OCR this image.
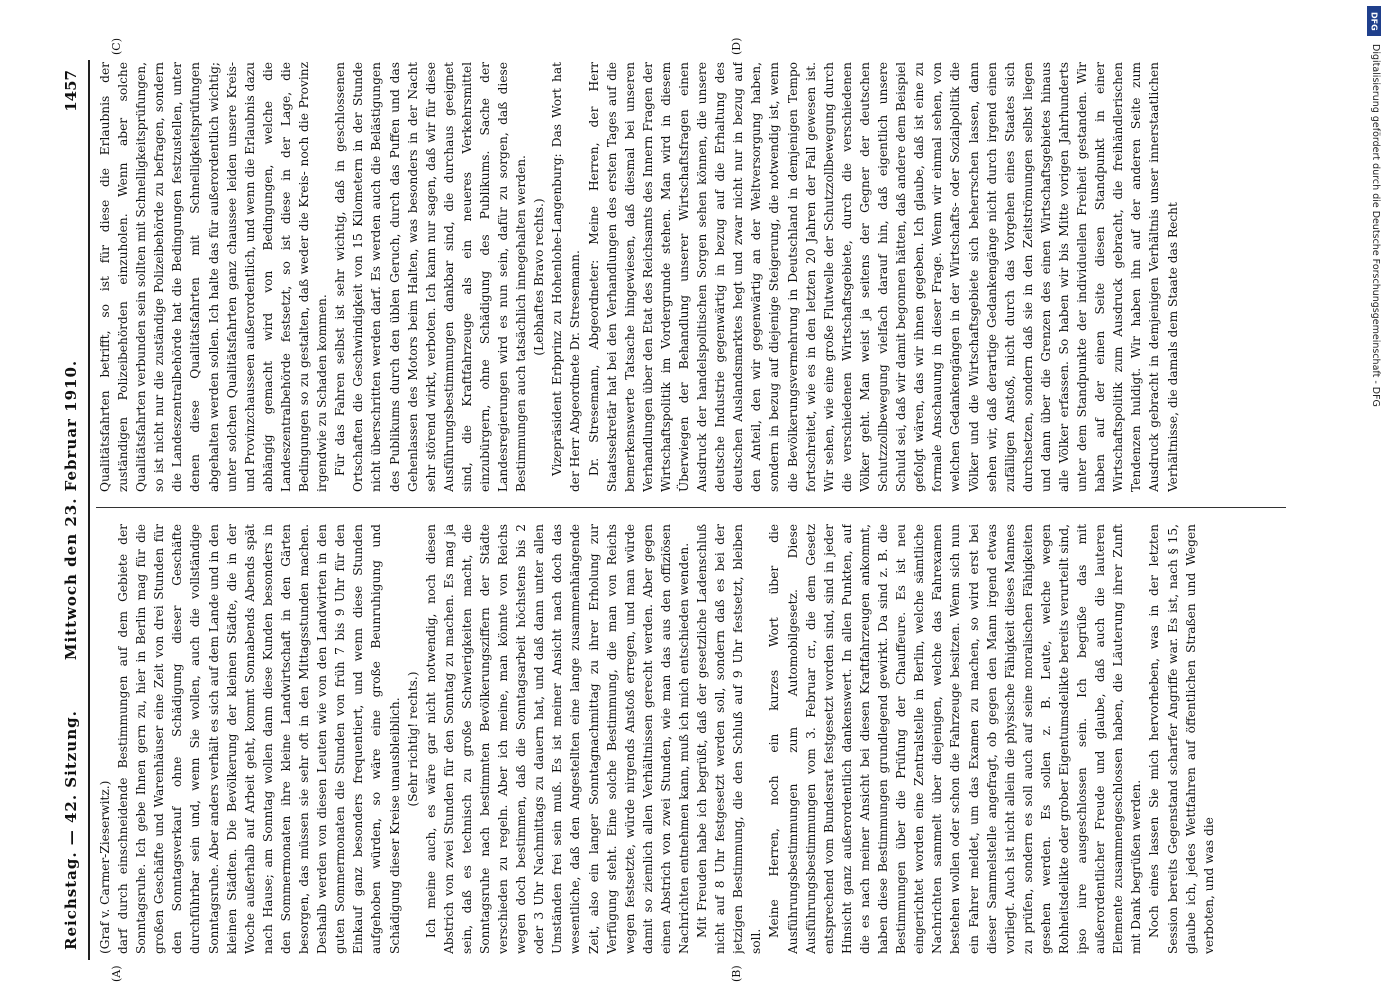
Reichstag. — 42. Sitzung.
Mittwoch den 23. Februar 1910.
1457

(Graf v. Carmer-Zieserwitz.) darf durch einschneidende Bestimmungen auf dem Gebiete der Sonntagsruhe. Ich gebe Ihnen gern zu, hier in Berlin mag für die großen Geschäfte und Warenhäuser eine Zeit von drei Stunden für den Sonntagsverkauf ohne Schädigung dieser Geschäfte durchführbar sein und, wenn Sie wollen, auch die vollständige Sonntagsruhe. Aber anders verhält es sich auf dem Lande und in den kleinen Städten. Die Bevölkerung der kleinen Städte, die in der Woche außerhalb auf Arbeit geht, kommt Sonnabends Abends spät nach Hause; am Sonntag wollen dann diese Kunden besonders in den Sommermonaten ihre kleine Landwirtschaft in den Gärten besorgen, das müssen sie sehr oft in den Mittagsstunden machen. Deshalb werden von diesen Leuten wie von den Landwirten in den guten Sommermonaten die Stunden von früh 7 bis 9 Uhr für den Einkauf ganz besonders frequentiert, und wenn diese Stunden aufgehoben würden, so wäre eine große Beunruhigung und Schädigung dieser Kreise unausbleiblich. (Sehr richtig! rechts.) Ich meine auch, es wäre gar nicht notwendig, noch diesen Abstrich von zwei Stunden für den Sonntag zu machen. Es mag ja sein, daß es technisch zu große Schwierigkeiten macht, die Sonntagsruhe nach bestimmten Bevölkerungsziffern der Städte verschieden zu regeln. Aber ich meine, man könnte von Reichs wegen doch bestimmen, daß die Sonntagsarbeit höchstens bis 2 oder 3 Uhr Nachmittags zu dauern hat, und daß dann unter allen Umständen frei sein muß. Es ist meiner Ansicht nach doch das wesentliche, daß den Angestellten eine lange zusammenhängende Zeit, also ein langer Sonntagnachmittag zu ihrer Erholung zur Verfügung steht. Eine solche Bestimmung, die man von Reichs wegen festsetzte, würde nirgends Anstoß erregen, und man würde damit so ziemlich allen Verhältnissen gerecht werden. Aber gegen einen Abstrich von zwei Stunden, wie man das aus den offiziösen Nachrichten entnehmen kann, muß ich mich entschieden wenden. Mit Freuden habe ich begrüßt, daß der gesetzliche Ladenschluß nicht auf 8 Uhr festgesetzt werden soll, sondern daß es bei der jetzigen Bestimmung, die den Schluß auf 9 Uhr festsetzt, bleiben soll.

Meine Herren, noch ein kurzes Wort über die Ausführungsbestimmungen zum Automobilgesetz. Diese Ausführungsbestimmungen vom 3. Februar cr., die dem Gesetz entsprechend vom Bundesrat festgesetzt worden sind, sind in jeder Hinsicht ganz außerordentlich dankenswert. In allen Punkten, auf die es nach meiner Ansicht bei diesen Kraftfahrzeugen ankommt, haben diese Bestimmungen grundlegend gewirkt. Da sind z. B. die Bestimmungen über die Prüfung der Chauffeure. Es ist neu eingerichtet worden eine Zentralstelle in Berlin, welche sämtliche Nachrichten sammelt über diejenigen, welche das Fahrexamen bestehen wollen oder schon die Fahrzeuge besitzen. Wenn sich nun ein Fahrer meldet, um das Examen zu machen, so wird erst bei dieser Sammelstelle angefragt, ob gegen den Mann irgend etwas vorliegt. Auch ist nicht allein die physische Fähigkeit dieses Mannes zu prüfen, sondern es soll auch auf seine moralischen Fähigkeiten gesehen werden. Es sollen z. B. Leute, welche wegen Rohheitsdelikte oder grober Eigentumsdelikte bereits verurteilt sind, ipso iure ausgeschlossen sein. Ich begrüße das mit außerordentlicher Freude und glaube, daß auch die lauteren Elemente zusammengeschlossen haben, die Läuterung ihrer Zunft mit Dank begrüßen werden. Noch eines lassen Sie mich hervorheben, was in der letzten Session bereits Gegenstand scharfer Angriffe war. Es ist, nach § 15, glaube ich, jedes Wettfahren auf öffentlichen Straßen und Wegen verboten, und was die

Qualitätsfahrten betrifft, so ist für diese die Erlaubnis der zuständigen Polizeibehörden einzuholen. Wenn aber solche Qualitätsfahrten verbunden sein sollten mit Schnelligkeitsprüfungen, so ist nicht nur die zuständige Polizeibehörde zu befragen, sondern die Landeszentralbehörde hat die Bedingungen festzustellen, unter denen diese Qualitätsfahrten mit Schnelligkeitsprüfungen abgehalten werden sollen. Ich halte das für außerordentlich wichtig; unter solchen Qualitätsfahrten ganz chaussee leiden unsere Kreis- und Provinzchausseen außerordentlich, und wenn die Erlaubnis dazu abhängig gemacht wird von Bedingungen, welche die Landeszentralbehörde festsetzt, so ist diese in der Lage, die Bedingungen so zu gestalten, daß weder die Kreis- noch die Provinz irgendwie zu Schaden kommen. Für das Fahren selbst ist sehr wichtig, daß in geschlossenen Ortschaften die Geschwindigkeit von 15 Kilometern in der Stunde nicht überschritten werden darf. Es werden auch die Belästigungen des Publikums durch den üblen Geruch, durch das Puffen und das Gehenlassen des Motors beim Halten, was besonders in der Nacht sehr störend wirkt, verboten. Ich kann nur sagen, daß wir für diese Ausführungsbestimmungen dankbar sind, die durchaus geeignet sind, die Kraftfahrzeuge als ein neueres Verkehrsmittel einzubürgern, ohne Schädigung des Publikums. Sache der Landesregierungen wird es nun sein, dafür zu sorgen, daß diese Bestimmungen auch tatsächlich innegehalten werden. (Lebhaftes Bravo rechts.) Vizepräsident Erbprinz zu Hohenlohe-Langenburg: Das Wort hat der Herr Abgeordnete Dr. Stresemann. Dr. Stresemann, Abgeordneter: Meine Herren, der Herr Staatssekretär hat bei den Verhandlungen des ersten Tages auf die bemerkenswerte Tatsache hingewiesen, daß diesmal bei unseren Verhandlungen über den Etat des Reichsamts des Innern Fragen der Wirtschaftspolitik im Vordergrunde stehen. Man wird in diesem Überwiegen der Behandlung unserer Wirtschaftsfragen einen Ausdruck der handelspolitischen Sorgen sehen können, die unsere deutsche Industrie gegenwärtig in bezug auf die Erhaltung des deutschen Auslandsmarktes hegt und zwar nicht nur in bezug auf den Anteil, den wir gegenwärtig an der Weltversorgung haben, sondern in bezug auf diejenige Steigerung, die notwendig ist, wenn die Bevölkerungsvermehrung in Deutschland in demjenigen Tempo fortschreitet, wie es in den letzten 20 Jahren der Fall gewesen ist. Wir sehen, wie eine große Flutwelle der Schutzzollbewegung durch die verschiedenen Wirtschaftsgebiete, durch die verschiedenen Völker geht. Man weist ja seitens der Gegner der deutschen Schutzzollbewegung vielfach darauf hin, daß eigentlich unsere Schuld sei, daß wir damit begonnen hätten, daß andere dem Beispiel gefolgt wären, das wir ihnen gegeben. Ich glaube, daß ist eine zu formale Anschauung in dieser Frage. Wenn wir einmal sehen, von welchen Gedankengängen in der Wirtschafts- oder Sozialpolitik die Völker und die Wirtschaftsgebiete sich beherrschen lassen, dann sehen wir, daß derartige Gedankengänge nicht durch irgend einen zufälligen Anstoß, nicht durch das Vorgehen eines Staates sich durchsetzen, sondern daß sie in den Zeitströmungen selbst liegen und dann über die Grenzen des einen Wirtschaftsgebietes hinaus alle Völker erfassen. So haben wir bis Mitte vorigen Jahrhunderts unter dem Standpunkte der individuellen Freiheit gestanden. Wir haben auf der einen Seite diesen Standpunkt in einer Wirtschaftspolitik zum Ausdruck gebracht, die freihändlerischen Tendenzen huldigt. Wir haben ihn auf der anderen Seite zum Ausdruck gebracht in demjenigen Verhältnis unser innerstaatlichen Verhältnisse, die damals dem Staate das Recht

(A)	(B)
(C)	(D)
DFG
Digitalisierung gefördert durch die Deutsche Forschungsgemeinschaft - DFG
